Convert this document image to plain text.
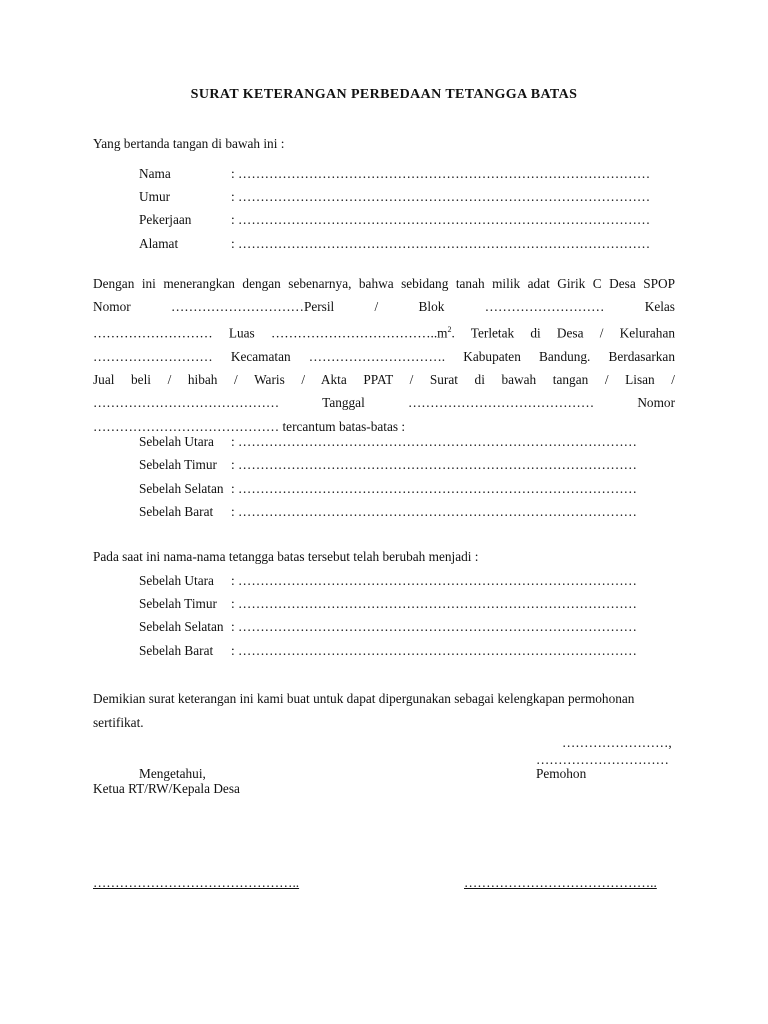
SURAT KETERANGAN PERBEDAAN TETANGGA BATAS
Yang bertanda tangan di bawah ini :
Nama	: …………………………………………………………………………………
Umur	: …………………………………………………………………………………
Pekerjaan	: …………………………………………………………………………………
Alamat	: …………………………………………………………………………………

Dengan ini menerangkan dengan sebenarnya, bahwa sebidang tanah milik adat Girik C Desa SPOP

Nomor …………………………Persil / Blok ……………………… Kelas

……………………… Luas $\dots\dots\dots\dots\dots\dots\dots\dots\dots\dots\dots\dots..m^2$. Terletak di Desa / Kelurahan

……………………… Kecamatan …………………………. Kabupaten Bandung. Berdasarkan

Jual beli / hibah / Waris / Akta PPAT / Surat di bawah tangan / Lisan /

…………………………………… Tanggal …………………………………… Nomor

…………………………………… tercantum batas-batas :

Sebelah Utara : ………………………………………………………………………………
Sebelah Timur : ………………………………………………………………………………
Sebelah Selatan : ………………………………………………………………………………
Sebelah Barat : ………………………………………………………………………………
Pada saat ini nama-nama tetangga batas tersebut telah berubah menjadi :
Sebelah Utara : ………………………………………………………………………………
Sebelah Timur : ………………………………………………………………………………
Sebelah Selatan : ………………………………………………………………………………
Sebelah Barat : ………………………………………………………………………………
Demikian surat keterangan ini kami buat untuk dapat dipergunakan sebagai kelengkapan permohonan sertifikat.
……………………,
…………………………
Mengetahui,
Ketua RT/RW/Kepala Desa
Pemohon
………………………………………..	……………………………………..
